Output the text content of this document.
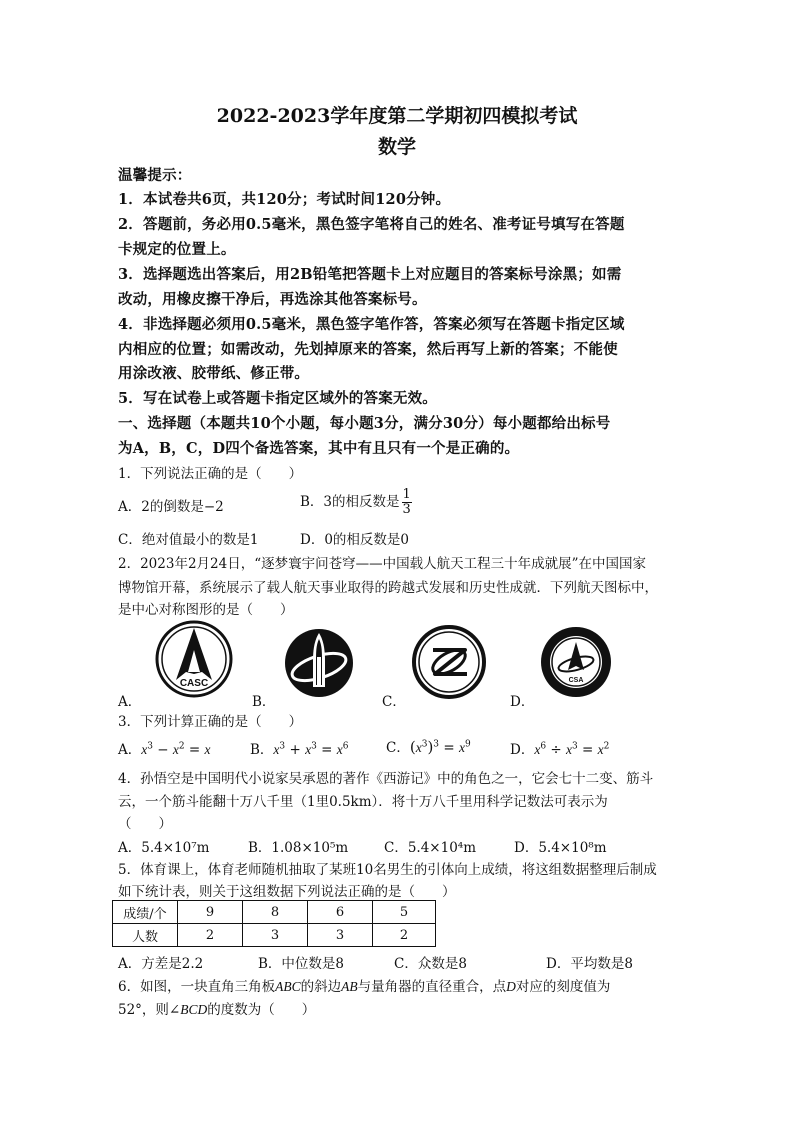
2022-2023学年度第二学期初四模拟考试
数学
温馨提示：
1．本试卷共6页，共120分；考试时间120分钟。
2．答题前，务必用0.5毫米，黑色签字笔将自己的姓名、准考证号填写在答题
卡规定的位置上。
3．选择题选出答案后，用2B铅笔把答题卡上对应题目的答案标号涂黑；如需
改动，用橡皮擦干净后，再选涂其他答案标号。
4．非选择题必须用0.5毫米，黑色签字笔作答，答案必须写在答题卡指定区域
内相应的位置；如需改动，先划掉原来的答案，然后再写上新的答案；不能使
用涂改液、胶带纸、修正带。
5．写在试卷上或答题卡指定区域外的答案无效。
一、选择题（本题共10个小题，每小题3分，满分30分）每小题都给出标号
为A，B，C，D四个备选答案，其中有且只有一个是正确的。
1．下列说法正确的是（　　）
A．2的倒数是−2	B．3的相反数是 $\frac{1}{3}$
C．绝对值最小的数是1	D．0的相反数是0
2．2023年2月24日，“逐梦寰宇问苍穹——中国载人航天工程三十年成就展”在中国国家
博物馆开幕，系统展示了载人航天事业取得的跨越式发展和历史性成就．下列航天图标中，
是中心对称图形的是（　　）
CASC	CSA
A．	B．	C．	D．
3．下列计算正确的是（　　）
A．$x^3 - x^2 = x$	B．$x^3 + x^3 = x^6$	C．$(x^3)^3 = x^9$	D．$x^6 \div x^3 = x^2$
4．孙悟空是中国明代小说家吴承恩的著作《西游记》中的角色之一，它会七十二变、筋斗
云，一个筋斗能翻十万八千里（1里0.5km）．将十万八千里用科学记数法可表示为
（　　）
A．5.4×10⁷m	B．1.08×10⁵m	C．5.4×10⁴m	D．5.4×10⁸m
5．体育课上，体育老师随机抽取了某班10名男生的引体向上成绩，将这组数据整理后制成
如下统计表，则关于这组数据下列说法正确的是（　　）
成绩/个	9	8	6	5
人数	2	3	3	2
A．方差是2.2	B．中位数是8	C．众数是8	D．平均数是8
6．如图，一块直角三角板ABC的斜边AB与量角器的直径重合，点D对应的刻度值为
52°，则∠BCD的度数为（　　）
